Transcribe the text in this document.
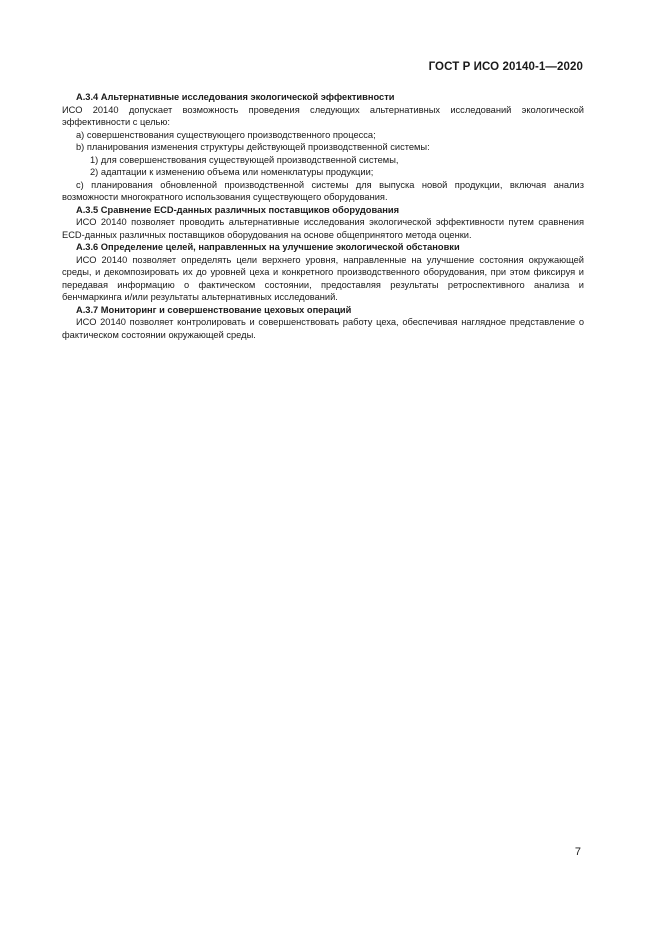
ГОСТ Р ИСО 20140-1—2020

А.3.4 Альтернативные исследования экологической эффективности

ИСО 20140 допускает возможность проведения следующих альтернативных исследований экологической эффективности с целью:

a) совершенствования существующего производственного процесса;

b) планирования изменения структуры действующей производственной системы:

1) для совершенствования существующей производственной системы,

2) адаптации к изменению объема или номенклатуры продукции;

c) планирования обновленной производственной системы для выпуска новой продукции, включая анализ возможности многократного использования существующего оборудования.

А.3.5 Сравнение ECD-данных различных поставщиков оборудования

ИСО 20140 позволяет проводить альтернативные исследования экологической эффективности путем сравнения ECD-данных различных поставщиков оборудования на основе общепринятого метода оценки.

А.3.6 Определение целей, направленных на улучшение экологической обстановки

ИСО 20140 позволяет определять цели верхнего уровня, направленные на улучшение состояния окружающей среды, и декомпозировать их до уровней цеха и конкретного производственного оборудования, при этом фиксируя и передавая информацию о фактическом состоянии, предоставляя результаты ретроспективного анализа и бенчмаркинга и/или результаты альтернативных исследований.

А.3.7 Мониторинг и совершенствование цеховых операций

ИСО 20140 позволяет контролировать и совершенствовать работу цеха, обеспечивая наглядное представление о фактическом состоянии окружающей среды.

7
